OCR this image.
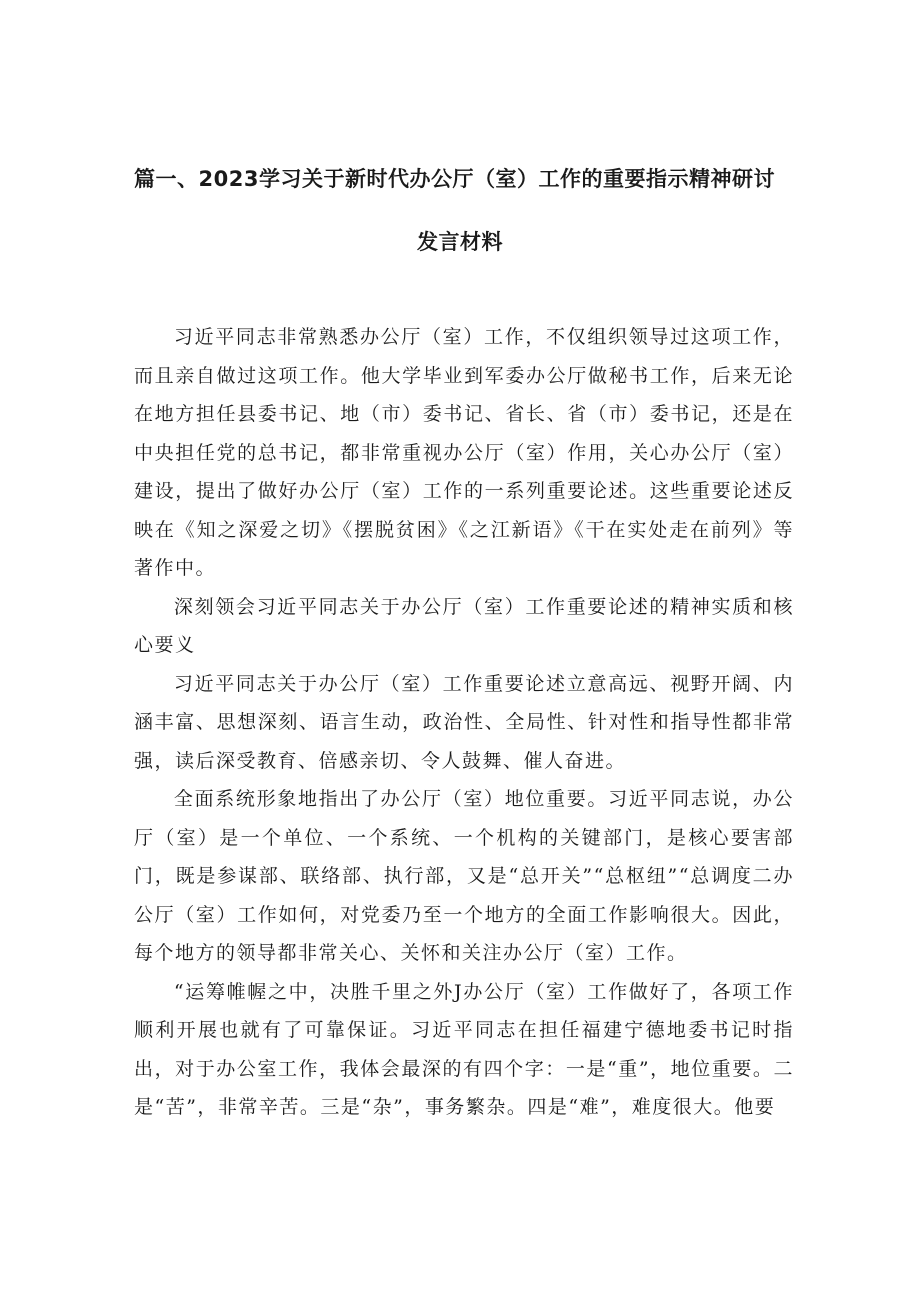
篇一、2023学习关于新时代办公厅（室）工作的重要指示精神研讨
发言材料

习近平同志非常熟悉办公厅（室）工作，不仅组织领导过这项工作，而且亲自做过这项工作。他大学毕业到军委办公厅做秘书工作，后来无论在地方担任县委书记、地（市）委书记、省长、省（市）委书记，还是在中央担任党的总书记，都非常重视办公厅（室）作用，关心办公厅（室）建设，提出了做好办公厅（室）工作的一系列重要论述。这些重要论述反映在《知之深爱之切》《摆脱贫困》《之江新语》《干在实处走在前列》等著作中。

深刻领会习近平同志关于办公厅（室）工作重要论述的精神实质和核心要义

习近平同志关于办公厅（室）工作重要论述立意高远、视野开阔、内涵丰富、思想深刻、语言生动，政治性、全局性、针对性和指导性都非常强，读后深受教育、倍感亲切、令人鼓舞、催人奋进。

全面系统形象地指出了办公厅（室）地位重要。习近平同志说，办公厅（室）是一个单位、一个系统、一个机构的关键部门，是核心要害部门，既是参谋部、联络部、执行部，又是“总开关”“总枢纽”“总调度二办公厅（室）工作如何，对党委乃至一个地方的全面工作影响很大。因此，每个地方的领导都非常关心、关怀和关注办公厅（室）工作。

“运筹帷幄之中，决胜千里之外J办公厅（室）工作做好了，各项工作顺利开展也就有了可靠保证。习近平同志在担任福建宁德地委书记时指出，对于办公室工作，我体会最深的有四个字：一是“重”，地位重要。二是“苦”，非常辛苦。三是“杂”，事务繁杂。四是“难”，难度很大。他要
